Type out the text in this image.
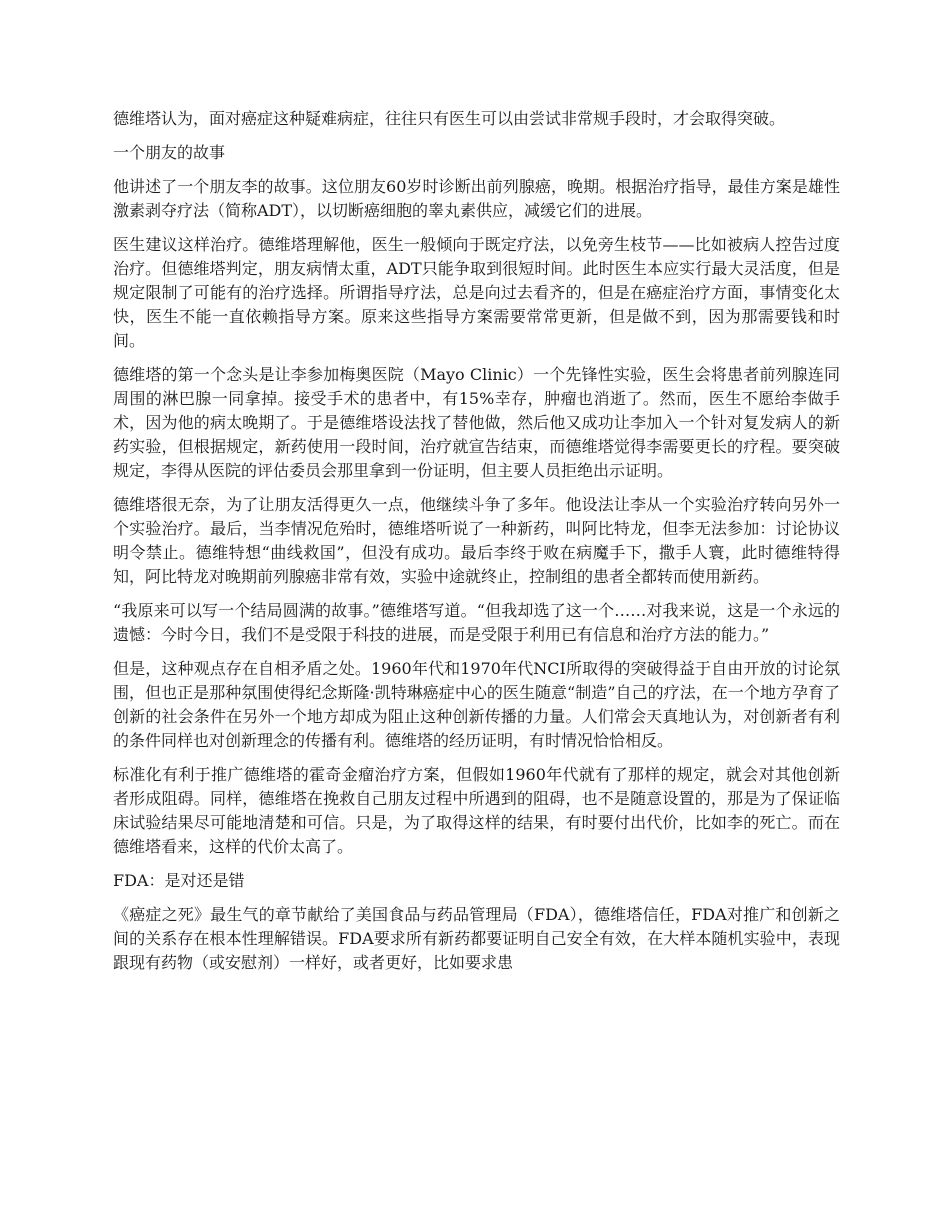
德维塔认为，面对癌症这种疑难病症，往往只有医生可以由尝试非常规手段时，才会取得突破。

一个朋友的故事

他讲述了一个朋友李的故事。这位朋友60岁时诊断出前列腺癌，晚期。根据治疗指导，最佳方案是雄性激素剥夺疗法（简称ADT），以切断癌细胞的睾丸素供应，减缓它们的进展。

医生建议这样治疗。德维塔理解他，医生一般倾向于既定疗法，以免旁生枝节——比如被病人控告过度治疗。但德维塔判定，朋友病情太重，ADT只能争取到很短时间。此时医生本应实行最大灵活度，但是规定限制了可能有的治疗选择。所谓指导疗法，总是向过去看齐的，但是在癌症治疗方面，事情变化太快，医生不能一直依赖指导方案。原来这些指导方案需要常常更新，但是做不到，因为那需要钱和时间。

德维塔的第一个念头是让李参加梅奥医院（Mayo Clinic）一个先锋性实验，医生会将患者前列腺连同周围的淋巴腺一同拿掉。接受手术的患者中，有15%幸存，肿瘤也消逝了。然而，医生不愿给李做手术，因为他的病太晚期了。于是德维塔设法找了替他做，然后他又成功让李加入一个针对复发病人的新药实验，但根据规定，新药使用一段时间，治疗就宣告结束，而德维塔觉得李需要更长的疗程。要突破规定，李得从医院的评估委员会那里拿到一份证明，但主要人员拒绝出示证明。

德维塔很无奈，为了让朋友活得更久一点，他继续斗争了多年。他设法让李从一个实验治疗转向另外一个实验治疗。最后，当李情况危殆时，德维塔听说了一种新药，叫阿比特龙，但李无法参加：讨论协议明令禁止。德维特想“曲线救国”，但没有成功。最后李终于败在病魔手下，撒手人寰，此时德维特得知，阿比特龙对晚期前列腺癌非常有效，实验中途就终止，控制组的患者全都转而使用新药。

“我原来可以写一个结局圆满的故事。”德维塔写道。“但我却选了这一个……对我来说，这是一个永远的遗憾：今时今日，我们不是受限于科技的进展，而是受限于利用已有信息和治疗方法的能力。”

但是，这种观点存在自相矛盾之处。1960年代和1970年代NCI所取得的突破得益于自由开放的讨论氛围，但也正是那种氛围使得纪念斯隆·凯特琳癌症中心的医生随意“制造”自己的疗法，在一个地方孕育了创新的社会条件在另外一个地方却成为阻止这种创新传播的力量。人们常会天真地认为，对创新者有利的条件同样也对创新理念的传播有利。德维塔的经历证明，有时情况恰恰相反。

标准化有利于推广德维塔的霍奇金瘤治疗方案，但假如1960年代就有了那样的规定，就会对其他创新者形成阻碍。同样，德维塔在挽救自己朋友过程中所遇到的阻碍，也不是随意设置的，那是为了保证临床试验结果尽可能地清楚和可信。只是，为了取得这样的结果，有时要付出代价，比如李的死亡。而在德维塔看来，这样的代价太高了。

FDA：是对还是错

《癌症之死》最生气的章节献给了美国食品与药品管理局（FDA），德维塔信任，FDA对推广和创新之间的关系存在根本性理解错误。FDA要求所有新药都要证明自己安全有效，在大样本随机实验中，表现跟现有药物（或安慰剂）一样好，或者更好，比如要求患
